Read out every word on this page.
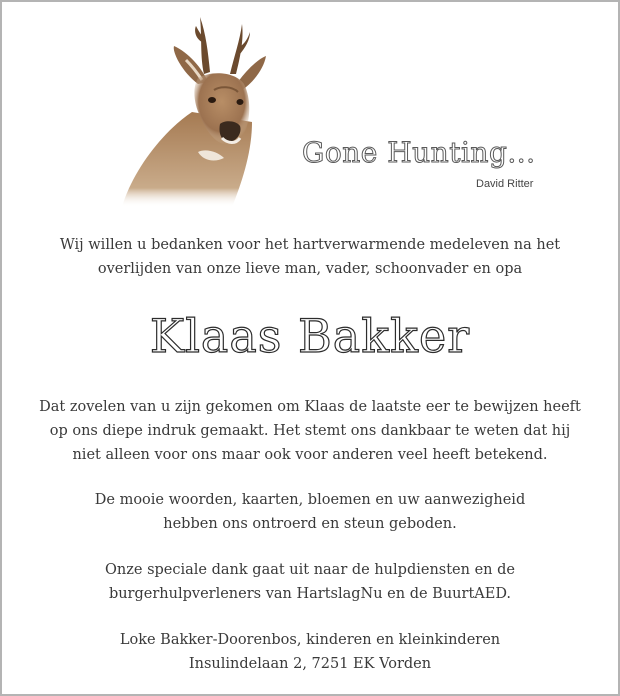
Gone Hunting...
David Ritter

Wij willen u bedanken voor het hartverwarmende medeleven na het

overlijden van onze lieve man, vader, schoonvader en opa

Klaas Bakker

Dat zovelen van u zijn gekomen om Klaas de laatste eer te bewijzen heeft

op ons diepe indruk gemaakt. Het stemt ons dankbaar te weten dat hij

niet alleen voor ons maar ook voor anderen veel heeft betekend.

De mooie woorden, kaarten, bloemen en uw aanwezigheid

hebben ons ontroerd en steun geboden.

Onze speciale dank gaat uit naar de hulpdiensten en de

burgerhulpverleners van HartslagNu en de BuurtAED.

Loke Bakker-Doorenbos, kinderen en kleinkinderen

Insulindelaan 2, 7251 EK Vorden
